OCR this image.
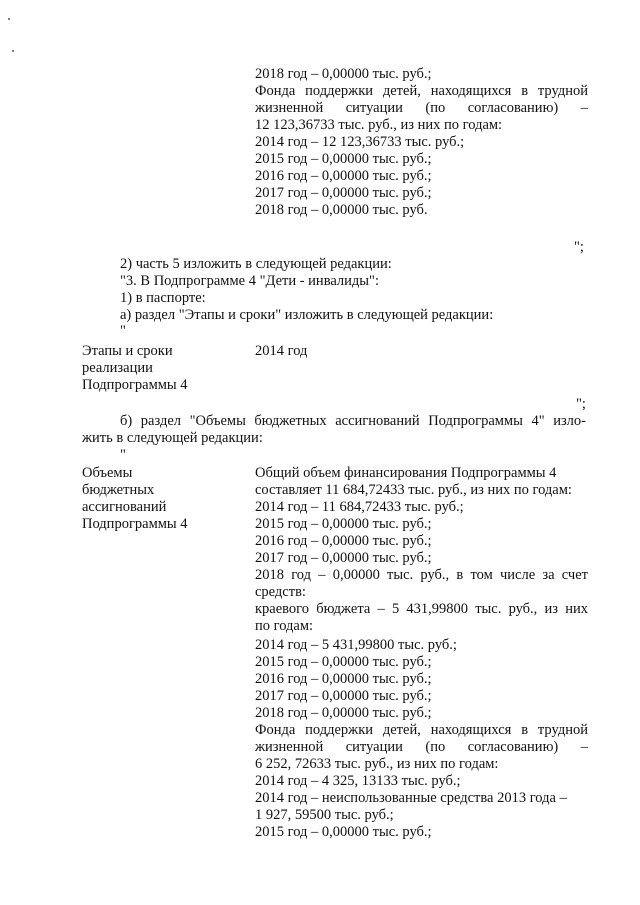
2018 год – 0,00000 тыс. руб.;
Фонда поддержки детей, находящихся в трудной
жизненной ситуации (по согласованию) –
12 123,36733 тыс. руб., из них по годам:
2014 год – 12 123,36733 тыс. руб.;
2015 год – 0,00000 тыс. руб.;
2016 год – 0,00000 тыс. руб.;
2017 год – 0,00000 тыс. руб.;
2018 год – 0,00000 тыс. руб.
";
2) часть 5 изложить в следующей редакции:
"3. В Подпрограмме 4 "Дети - инвалиды":
1) в паспорте:
а) раздел "Этапы и сроки" изложить в следующей редакции:
"
Этапы и сроки
реализации
Подпрограммы 4
2014 год
";
б) раздел "Объемы бюджетных ассигнований Подпрограммы 4" изло-
жить в следующей редакции:
"
Объемы
бюджетных
ассигнований
Подпрограммы 4
Общий объем финансирования Подпрограммы 4
составляет 11 684,72433 тыс. руб., из них по годам:
2014 год – 11 684,72433 тыс. руб.;
2015 год – 0,00000 тыс. руб.;
2016 год – 0,00000 тыс. руб.;
2017 год – 0,00000 тыс. руб.;
2018 год – 0,00000 тыс. руб., в том числе за счет
средств:
краевого бюджета – 5 431,99800 тыс. руб., из них
по годам:
2014 год – 5 431,99800 тыс. руб.;
2015 год – 0,00000 тыс. руб.;
2016 год – 0,00000 тыс. руб.;
2017 год – 0,00000 тыс. руб.;
2018 год – 0,00000 тыс. руб.;
Фонда поддержки детей, находящихся в трудной
жизненной ситуации (по согласованию) –
6 252, 72633 тыс. руб., из них по годам:
2014 год – 4 325, 13133 тыс. руб.;
2014 год – неиспользованные средства 2013 года –
1 927, 59500 тыс. руб.;
2015 год – 0,00000 тыс. руб.;
